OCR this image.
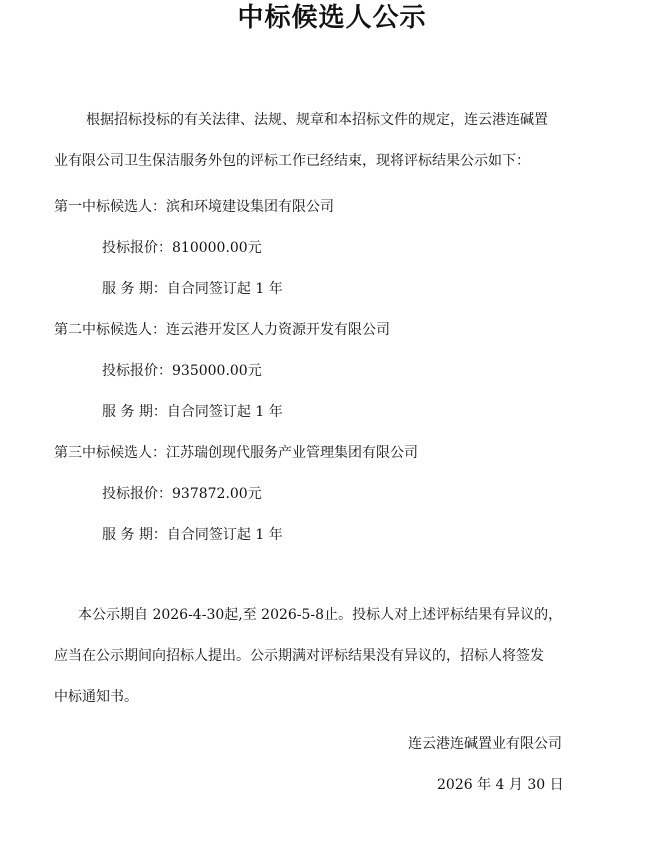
中标候选人公示
根据招标投标的有关法律、法规、规章和本招标文件的规定，连云港连碱置
业有限公司卫生保洁服务外包的评标工作已经结束，现将评标结果公示如下：
第一中标候选人：滨和环境建设集团有限公司
投标报价：810000.00元
服 务 期：自合同签订起 1 年
第二中标候选人：连云港开发区人力资源开发有限公司
投标报价：935000.00元
服 务 期：自合同签订起 1 年
第三中标候选人：江苏瑞创现代服务产业管理集团有限公司
投标报价：937872.00元
服 务 期：自合同签订起 1 年
本公示期自 2026-4-30起,至 2026-5-8止。投标人对上述评标结果有异议的，
应当在公示期间向招标人提出。公示期满对评标结果没有异议的，招标人将签发
中标通知书。
连云港连碱置业有限公司
2026 年 4 月 30 日
